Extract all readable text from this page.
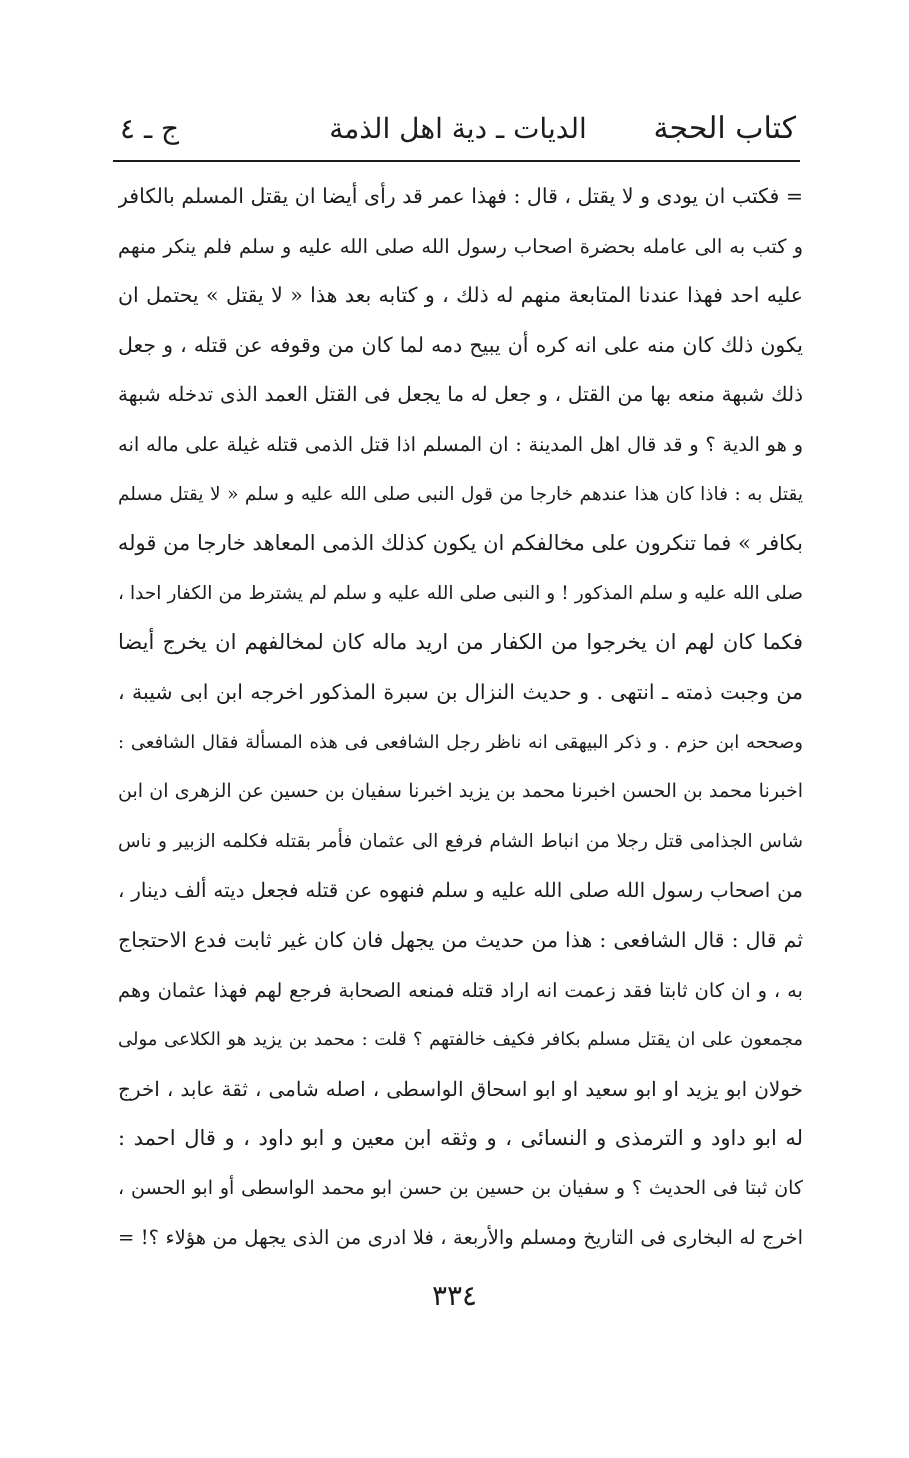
كتاب الحجة
الديات ـ دية اهل الذمة
ج ـ ٤
= فكتب ان يودى و لا يقتل ، قال : فهذا عمر قد رأى أيضا ان يقتل المسلم بالكافر
و كتب به الى عامله بحضرة اصحاب رسول الله صلى الله عليه و سلم فلم ينكر منهم
عليه احد فهذا عندنا المتابعة منهم له ذلك ، و كتابه بعد هذا « لا يقتل » يحتمل ان
يكون ذلك كان منه على انه كره أن يبيح دمه لما كان من وقوفه عن قتله ، و جعل
ذلك شبهة منعه بها من القتل ، و جعل له ما يجعل فى القتل العمد الذى تدخله شبهة
و هو الدية ؟ و قد قال اهل المدينة : ان المسلم اذا قتل الذمى قتله غيلة على ماله انه
يقتل به : فاذا كان هذا عندهم خارجا من قول النبى صلى الله عليه و سلم « لا يقتل مسلم
بكافر » فما تنكرون على مخالفكم ان يكون كذلك الذمى المعاهد خارجا من قوله
صلى الله عليه و سلم المذكور ! و النبى صلى الله عليه و سلم لم يشترط من الكفار احدا ،
فكما كان لهم ان يخرجوا من الكفار من اريد ماله كان لمخالفهم ان يخرج أيضا
من وجبت ذمته ـ انتهى . و حديث النزال بن سبرة المذكور اخرجه ابن ابى شيبة ،
وصححه ابن حزم . و ذكر البيهقى انه ناظر رجل الشافعى فى هذه المسألة فقال الشافعى :
اخبرنا محمد بن الحسن اخبرنا محمد بن يزيد اخبرنا سفيان بن حسين عن الزهرى ان ابن
شاس الجذامى قتل رجلا من انباط الشام فرفع الى عثمان فأمر بقتله فكلمه الزبير و ناس
من اصحاب رسول الله صلى الله عليه و سلم فنهوه عن قتله فجعل ديته ألف دينار ،
ثم قال : قال الشافعى : هذا من حديث من يجهل فان كان غير ثابت فدع الاحتجاج
به ، و ان كان ثابتا فقد زعمت انه اراد قتله فمنعه الصحابة فرجع لهم فهذا عثمان وهم
مجمعون على ان يقتل مسلم بكافر فكيف خالفتهم ؟ قلت : محمد بن يزيد هو الكلاعى مولى
خولان ابو يزيد او ابو سعيد او ابو اسحاق الواسطى ، اصله شامى ، ثقة عابد ، اخرج
له ابو داود و الترمذى و النسائى ، و وثقه ابن معين و ابو داود ، و قال احمد :
كان ثبتا فى الحديث ؟ و سفيان بن حسين بن حسن ابو محمد الواسطى أو ابو الحسن ،
اخرج له البخارى فى التاريخ ومسلم والأربعة ، فلا ادرى من الذى يجهل من هؤلاء ؟! =
٣٣٤
